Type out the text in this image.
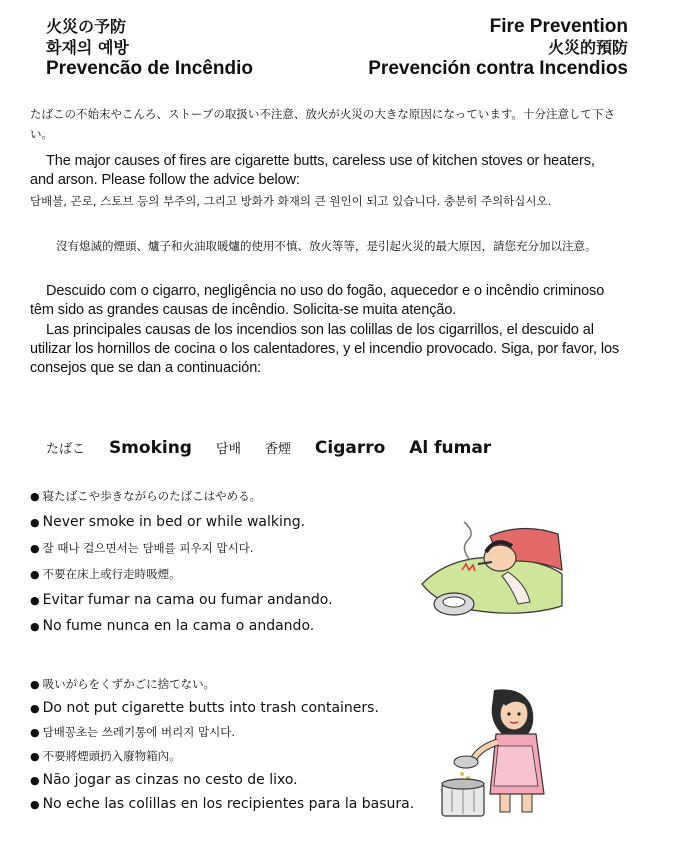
火災の予防
화재의 예방
Prevencão de Incêndio
Fire Prevention
火災的預防
Prevención contra Incendios
たばこの不始末やこんろ、ストーブの取扱い不注意、放火が火災の大きな原因になっています。十分注意して下さい。
The major causes of fires are cigarette butts, careless use of kitchen stoves or heaters, and arson. Please follow the advice below:
담배불, 곤로, 스토브 등의 부주의, 그리고 방화가 화재의 큰 원인이 되고 있습니다. 충분히 주의하십시오.
沒有熄滅的煙頭、爐子和火油取暖爐的使用不慎、放火等等，是引起火災的最大原因，請您充分加以注意。
Descuido com o cigarro, negligência no uso do fogão, aquecedor e o incêndio criminoso têm sido as grandes causas de incêndio. Solicita-se muita atenção.
Las principales causas de los incendios son las colillas de los cigarrillos, el descuido al utilizar los hornillos de cocina o los calentadores, y el incendio provocado. Siga, por favor, los consejos que se dan a continuación:
たばこ Smoking 담배 香煙 Cigarro Al fumar
● 寝たばこや歩きながらのたばこはやめる。
● Never smoke in bed or while walking.
● 잘 때나 걸으면서는 담배를 피우지 맙시다.
● 不要在床上或行走時吸煙。
● Evitar fumar na cama ou fumar andando.
● No fume nunca en la cama o andando.
● 吸いがらをくずかごに捨てない。
● Do not put cigarette butts into trash containers.
● 담배꽁초는 쓰레기통에 버리지 맙시다.
● 不要將煙頭扔入廢物箱內。
● Não jogar as cinzas no cesto de lixo.
● No eche las colillas en los recipientes para la basura.
